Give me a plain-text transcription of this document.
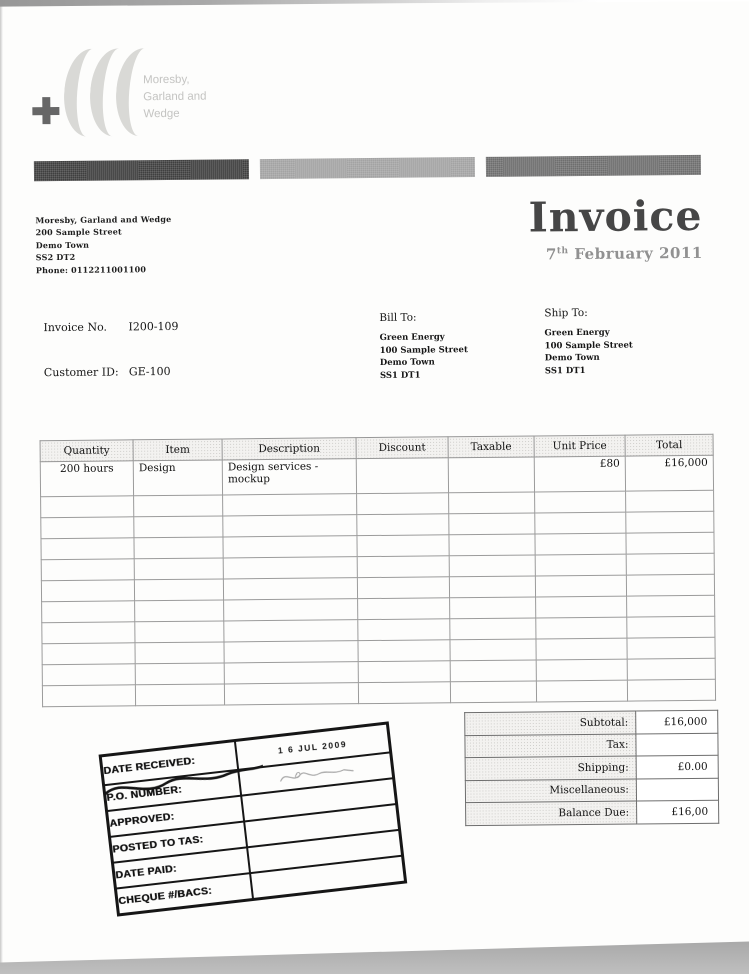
Moresby,
Garland and
Wedge
Moresby, Garland and Wedge
200 Sample Street
Demo Town
SS2 DT2
Phone: 0112211001100
Invoice
7th February 2011
Invoice No. I200-109
Customer ID: GE-100
Bill To:
Green Energy
100 Sample Street
Demo Town
SS1 DT1
Ship To:
Green Energy
100 Sample Street
Demo Town
SS1 DT1
Quantity	Item	Description	Discount	Taxable	Unit Price	Total
200 hours	Design	Design services - mockup			£80	£16,000

Subtotal:	£16,000
Tax:	
Shipping:	£0.00
Miscellaneous:	
Balance Due:	£16,00
DATE RECEIVED:	1 6 JUL 2009

P.O. NUMBER:	

APPROVED:	
POSTED TO TAS:	
DATE PAID:	
CHEQUE #/BACS:	
